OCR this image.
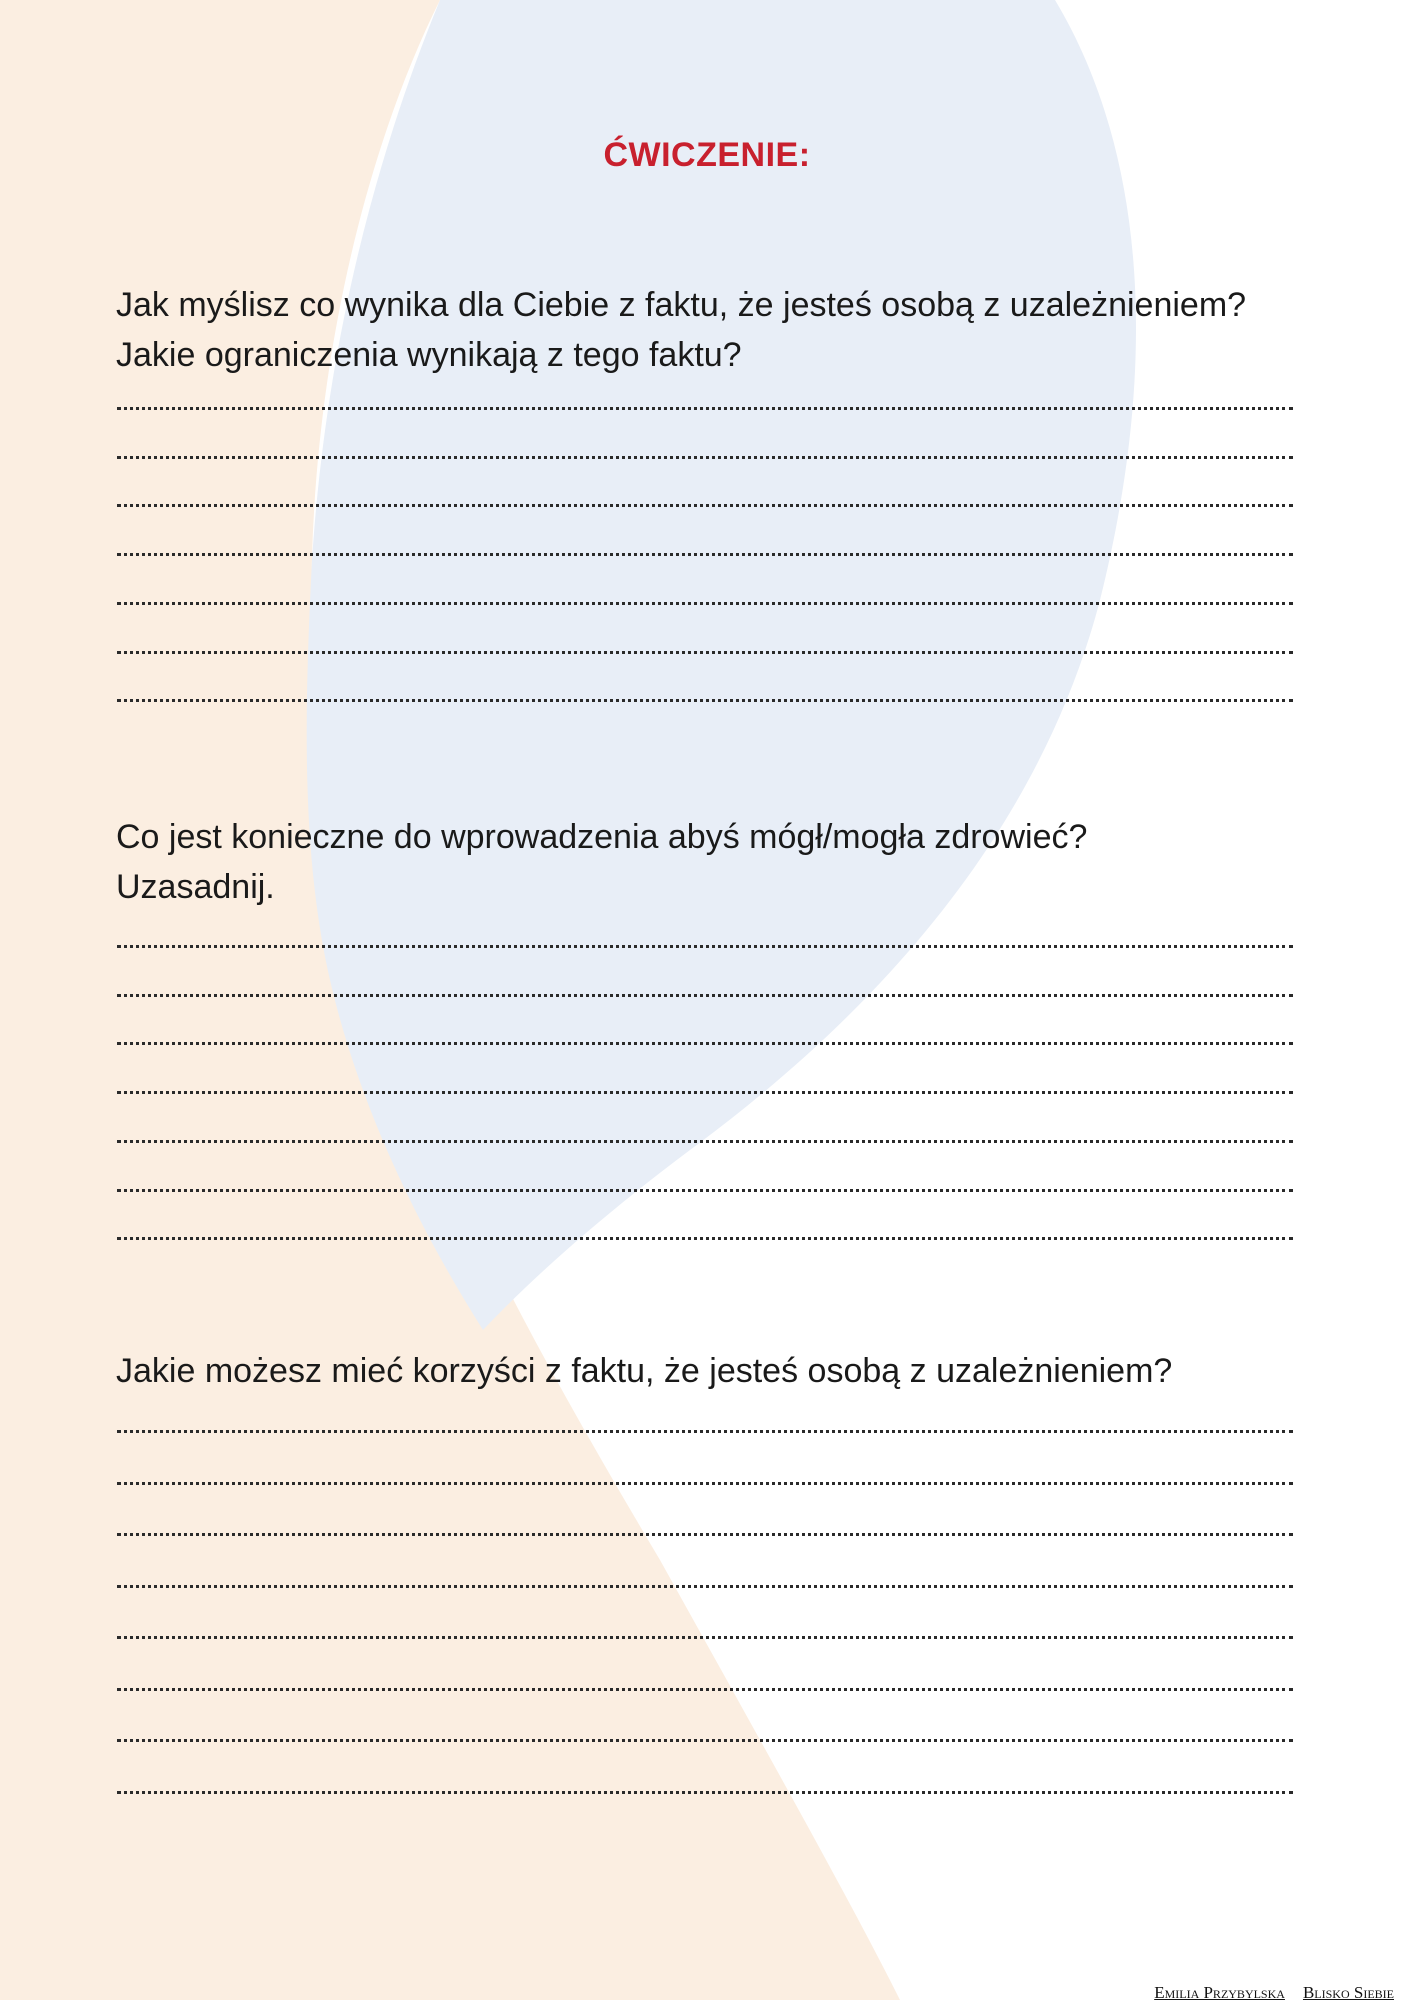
ĆWICZENIE:
Jak myślisz co wynika dla Ciebie z faktu, że jesteś osobą z uzależnieniem?
Jakie ograniczenia wynikają z tego faktu?
Co jest konieczne do wprowadzenia abyś mógł/mogła zdrowieć?
Uzasadnij.
Jakie możesz mieć korzyści z faktu, że jesteś osobą z uzależnieniem?
Emilia Przybylska Blisko Siebie
